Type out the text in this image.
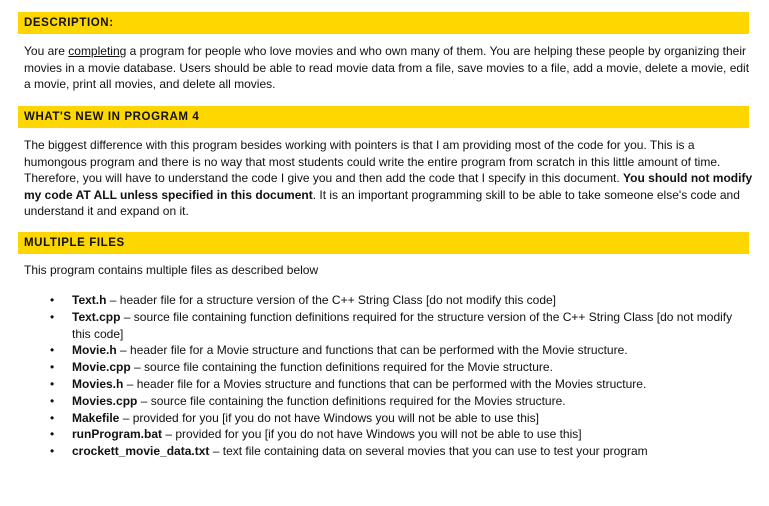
DESCRIPTION:

You are completing a program for people who love movies and who own many of them. You are helping these people by organizing their movies in a movie database. Users should be able to read movie data from a file, save movies to a file, add a movie, delete a movie, edit a movie, print all movies, and delete all movies.

WHAT'S NEW IN PROGRAM 4

The biggest difference with this program besides working with pointers is that I am providing most of the code for you. This is a humongous program and there is no way that most students could write the entire program from scratch in this little amount of time. Therefore, you will have to understand the code I give you and then add the code that I specify in this document. You should not modify my code AT ALL unless specified in this document. It is an important programming skill to be able to take someone else's code and understand it and expand on it.

MULTIPLE FILES

This program contains multiple files as described below

• Text.h – header file for a structure version of the C++ String Class [do not modify this code]
• Text.cpp – source file containing function definitions required for the structure version of the C++ String Class [do not modify this code]
• Movie.h – header file for a Movie structure and functions that can be performed with the Movie structure.
• Movie.cpp – source file containing the function definitions required for the Movie structure.
• Movies.h – header file for a Movies structure and functions that can be performed with the Movies structure.
• Movies.cpp – source file containing the function definitions required for the Movies structure.
• Makefile – provided for you [if you do not have Windows you will not be able to use this]
• runProgram.bat – provided for you [if you do not have Windows you will not be able to use this]
• crockett_movie_data.txt – text file containing data on several movies that you can use to test your program
